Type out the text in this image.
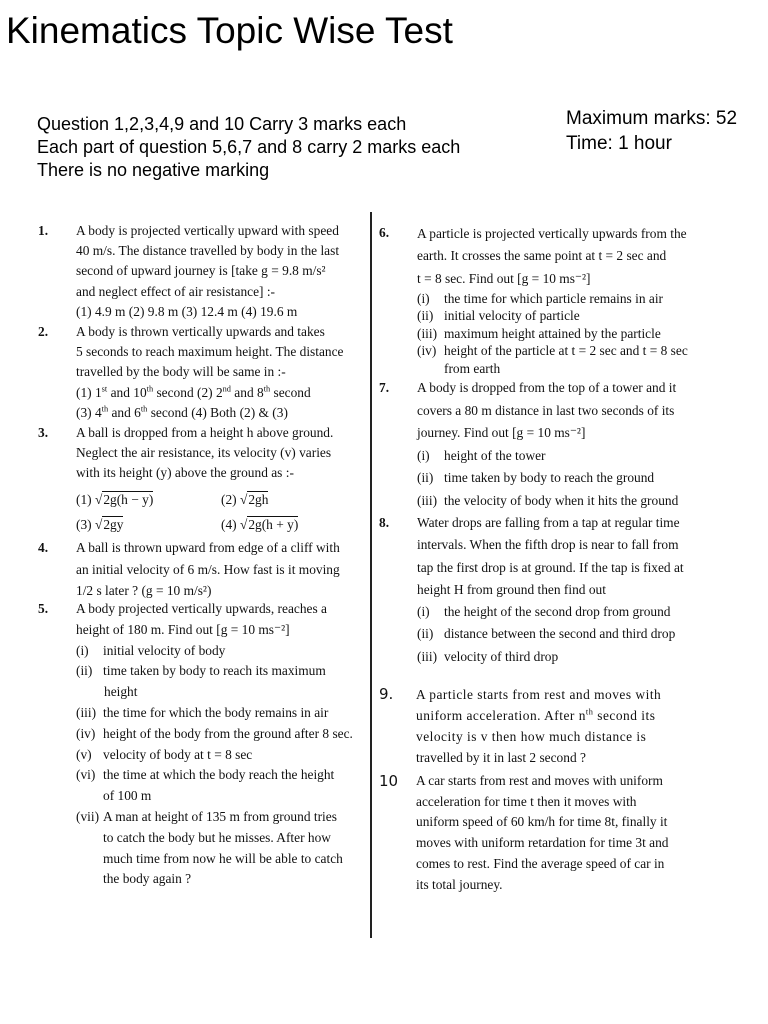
Kinematics Topic Wise Test
Question 1,2,3,4,9 and 10 Carry 3 marks each
Each part of question 5,6,7 and 8 carry 2 marks each
There is no negative marking
Maximum marks: 52
Time: 1 hour
1. A body is projected vertically upward with speed
40 m/s. The distance travelled by body in the last
second of upward journey is [take g = 9.8 m/s²
and neglect effect of air resistance] :-
(1) 4.9 m (2) 9.8 m (3) 12.4 m (4) 19.6 m
2. A body is thrown vertically upwards and takes
5 seconds to reach maximum height. The distance
travelled by the body will be same in :-
(1) 1st and 10th second (2) 2nd and 8th second
(3) 4th and 6th second (4) Both (2) & (3)
3. A ball is dropped from a height h above ground.
Neglect the air resistance, its velocity (v) varies
with its height (y) above the ground as :-
(1) √2g(h − y)	(2) √2gh
(3) √2gy	(4) √2g(h + y)
4. A ball is thrown upward from edge of a cliff with
an initial velocity of 6 m/s. How fast is it moving
1/2 s later ? (g = 10 m/s²)
5. A body projected vertically upwards, reaches a
height of 180 m. Find out [g = 10 ms⁻²]
(i)	initial velocity of body
(ii) time taken by body to reach its maximum
height
(iii) the time for which the body remains in air
(iv) height of the body from the ground after 8 sec.
(v) velocity of body at t = 8 sec
(vi) the time at which the body reach the height
of 100 m
(vii) A man at height of 135 m from ground tries
to catch the body but he misses. After how
much time from now he will be able to catch
the body again ?
6. A particle is projected vertically upwards from the
earth. It crosses the same point at t = 2 sec and
t = 8 sec. Find out [g = 10 ms⁻²]
(i)	the time for which particle remains in air
(ii) initial velocity of particle
(iii) maximum height attained by the particle
(iv) height of the particle at t = 2 sec and t = 8 sec
from earth
7. A body is dropped from the top of a tower and it
covers a 80 m distance in last two seconds of its
journey. Find out [g = 10 ms⁻²]
(i)	height of the tower
(ii) time taken by body to reach the ground
(iii) the velocity of body when it hits the ground
8. Water drops are falling from a tap at regular time
intervals. When the fifth drop is near to fall from
tap the first drop is at ground. If the tap is fixed at
height H from ground then find out
(i)	the height of the second drop from ground
(ii) distance between the second and third drop
(iii) velocity of third drop
9. A particle starts from rest and moves with
uniform acceleration. After $n^{th}$ second its
velocity is v then how much distance is
travelled by it in last 2 second ?
10 A car starts from rest and moves with uniform
acceleration for time t then it moves with
uniform speed of 60 km/h for time 8t, finally it
moves with uniform retardation for time 3t and
comes to rest. Find the average speed of car in
its total journey.
